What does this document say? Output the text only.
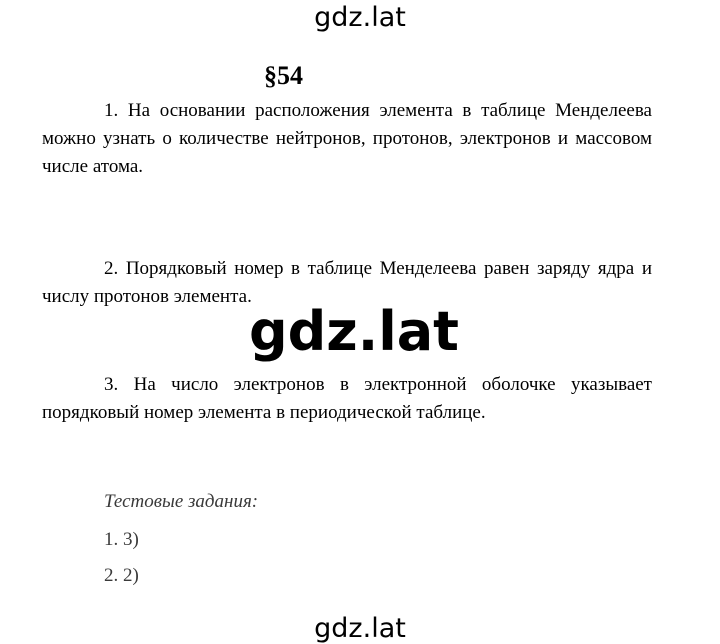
gdz.lat
§54

1. На основании расположения элемента в таблице Менделеева можно узнать о количестве нейтронов, протонов, электронов и массовом числе атома.

2. Порядковый номер в таблице Менделеева равен заряду ядра и числу протонов элемента.

3. На число электронов в электронной оболочке указывает порядковый номер элемента в периодической таблице.

Тестовые задания:
1. 3)
2. 2)
gdz.lat
gdz.lat
